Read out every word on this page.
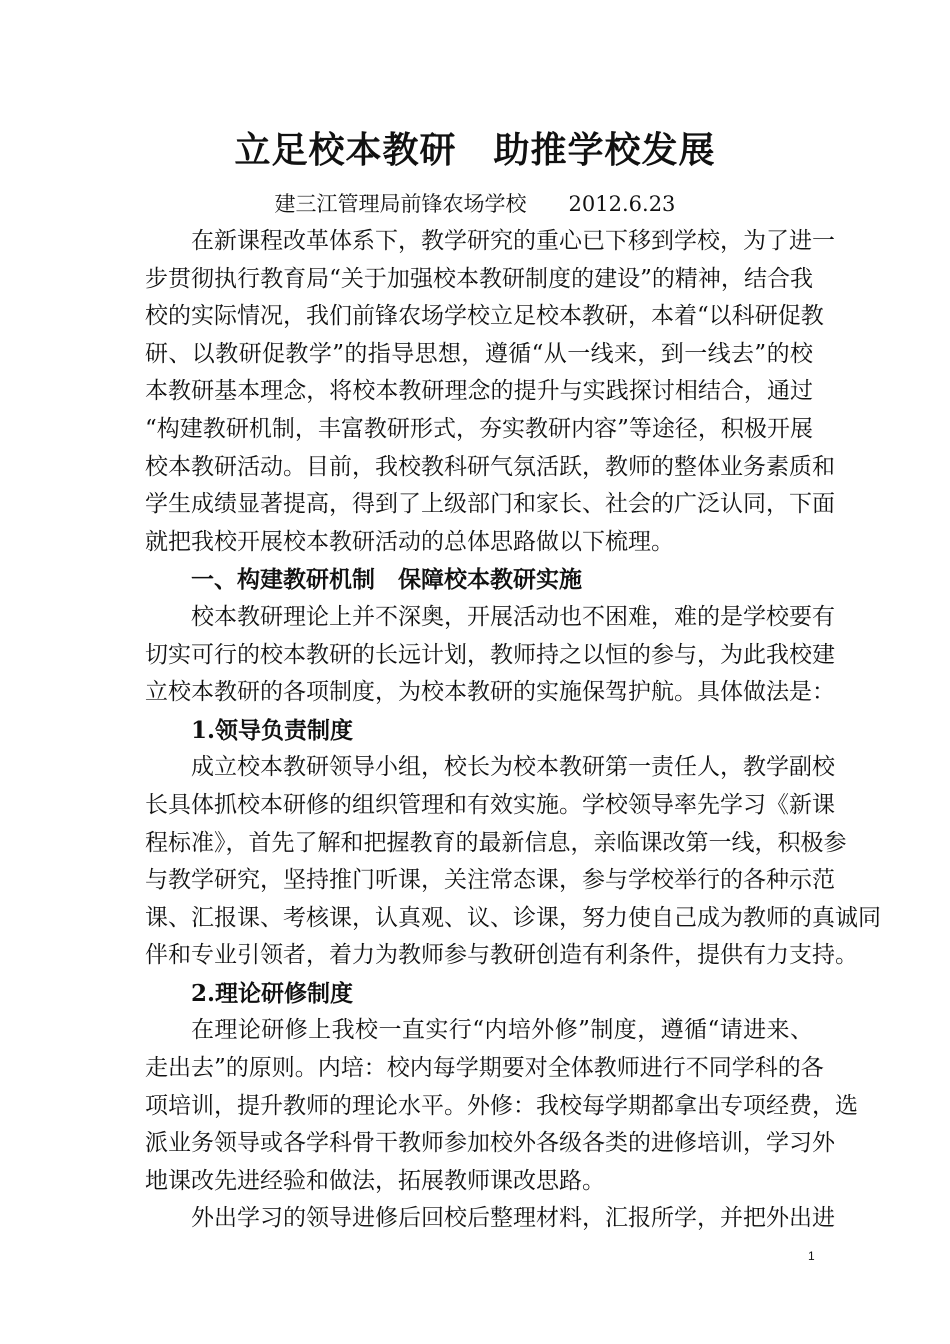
立足校本教研　助推学校发展
建三江管理局前锋农场学校　　2012.6.23
在新课程改革体系下，教学研究的重心已下移到学校，为了进一
步贯彻执行教育局“关于加强校本教研制度的建设”的精神，结合我
校的实际情况，我们前锋农场学校立足校本教研，本着“以科研促教
研、以教研促教学”的指导思想，遵循“从一线来，到一线去”的校
本教研基本理念，将校本教研理念的提升与实践探讨相结合，通过
“构建教研机制，丰富教研形式，夯实教研内容”等途径，积极开展
校本教研活动。目前，我校教科研气氛活跃，教师的整体业务素质和
学生成绩显著提高，得到了上级部门和家长、社会的广泛认同，下面
就把我校开展校本教研活动的总体思路做以下梳理。
一、构建教研机制　保障校本教研实施
校本教研理论上并不深奥，开展活动也不困难，难的是学校要有
切实可行的校本教研的长远计划，教师持之以恒的参与，为此我校建
立校本教研的各项制度，为校本教研的实施保驾护航。具体做法是：
1.领导负责制度
成立校本教研领导小组，校长为校本教研第一责任人，教学副校
长具体抓校本研修的组织管理和有效实施。学校领导率先学习《新课
程标准》，首先了解和把握教育的最新信息，亲临课改第一线，积极参
与教学研究，坚持推门听课，关注常态课，参与学校举行的各种示范
课、汇报课、考核课，认真观、议、诊课，努力使自己成为教师的真诚同
伴和专业引领者，着力为教师参与教研创造有利条件，提供有力支持。
2.理论研修制度
在理论研修上我校一直实行“内培外修”制度，遵循“请进来、
走出去”的原则。内培：校内每学期要对全体教师进行不同学科的各
项培训，提升教师的理论水平。外修：我校每学期都拿出专项经费，选
派业务领导或各学科骨干教师参加校外各级各类的进修培训，学习外
地课改先进经验和做法，拓展教师课改思路。
外出学习的领导进修后回校后整理材料，汇报所学，并把外出进
1
